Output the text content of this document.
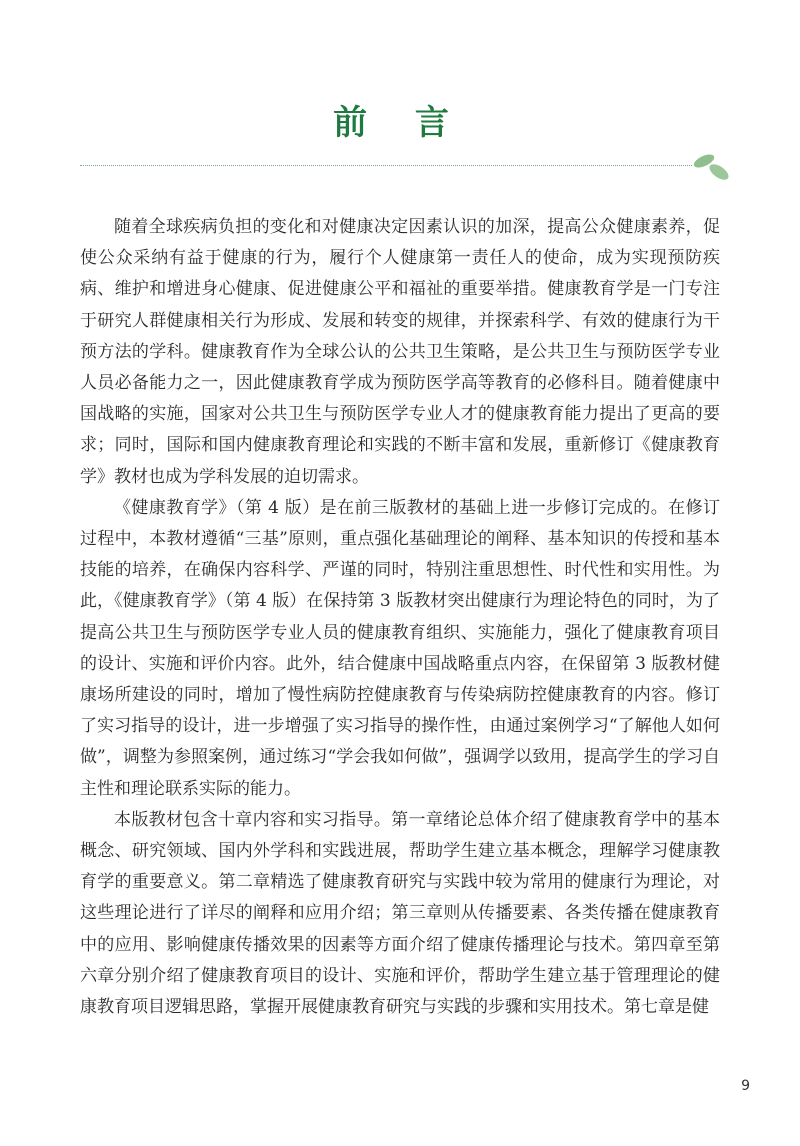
前 言

随着全球疾病负担的变化和对健康决定因素认识的加深，提高公众健康素养，促使公众采纳有益于健康的行为，履行个人健康第一责任人的使命，成为实现预防疾病、维护和增进身心健康、促进健康公平和福祉的重要举措。健康教育学是一门专注于研究人群健康相关行为形成、发展和转变的规律，并探索科学、有效的健康行为干预方法的学科。健康教育作为全球公认的公共卫生策略，是公共卫生与预防医学专业人员必备能力之一，因此健康教育学成为预防医学高等教育的必修科目。随着健康中国战略的实施，国家对公共卫生与预防医学专业人才的健康教育能力提出了更高的要求；同时，国际和国内健康教育理论和实践的不断丰富和发展，重新修订《健康教育学》教材也成为学科发展的迫切需求。

《健康教育学》（第 4 版）是在前三版教材的基础上进一步修订完成的。在修订过程中，本教材遵循“三基”原则，重点强化基础理论的阐释、基本知识的传授和基本技能的培养，在确保内容科学、严谨的同时，特别注重思想性、时代性和实用性。为此，《健康教育学》（第 4 版）在保持第 3 版教材突出健康行为理论特色的同时，为了提高公共卫生与预防医学专业人员的健康教育组织、实施能力，强化了健康教育项目的设计、实施和评价内容。此外，结合健康中国战略重点内容，在保留第 3 版教材健康场所建设的同时，增加了慢性病防控健康教育与传染病防控健康教育的内容。修订了实习指导的设计，进一步增强了实习指导的操作性，由通过案例学习“了解他人如何做”，调整为参照案例，通过练习“学会我如何做”，强调学以致用，提高学生的学习自主性和理论联系实际的能力。

本版教材包含十章内容和实习指导。第一章绪论总体介绍了健康教育学中的基本概念、研究领域、国内外学科和实践进展，帮助学生建立基本概念，理解学习健康教育学的重要意义。第二章精选了健康教育研究与实践中较为常用的健康行为理论，对这些理论进行了详尽的阐释和应用介绍；第三章则从传播要素、各类传播在健康教育中的应用、影响健康传播效果的因素等方面介绍了健康传播理论与技术。第四章至第六章分别介绍了健康教育项目的设计、实施和评价，帮助学生建立基于管理理论的健康教育项目逻辑思路，掌握开展健康教育研究与实践的步骤和实用技术。第七章是健

9
